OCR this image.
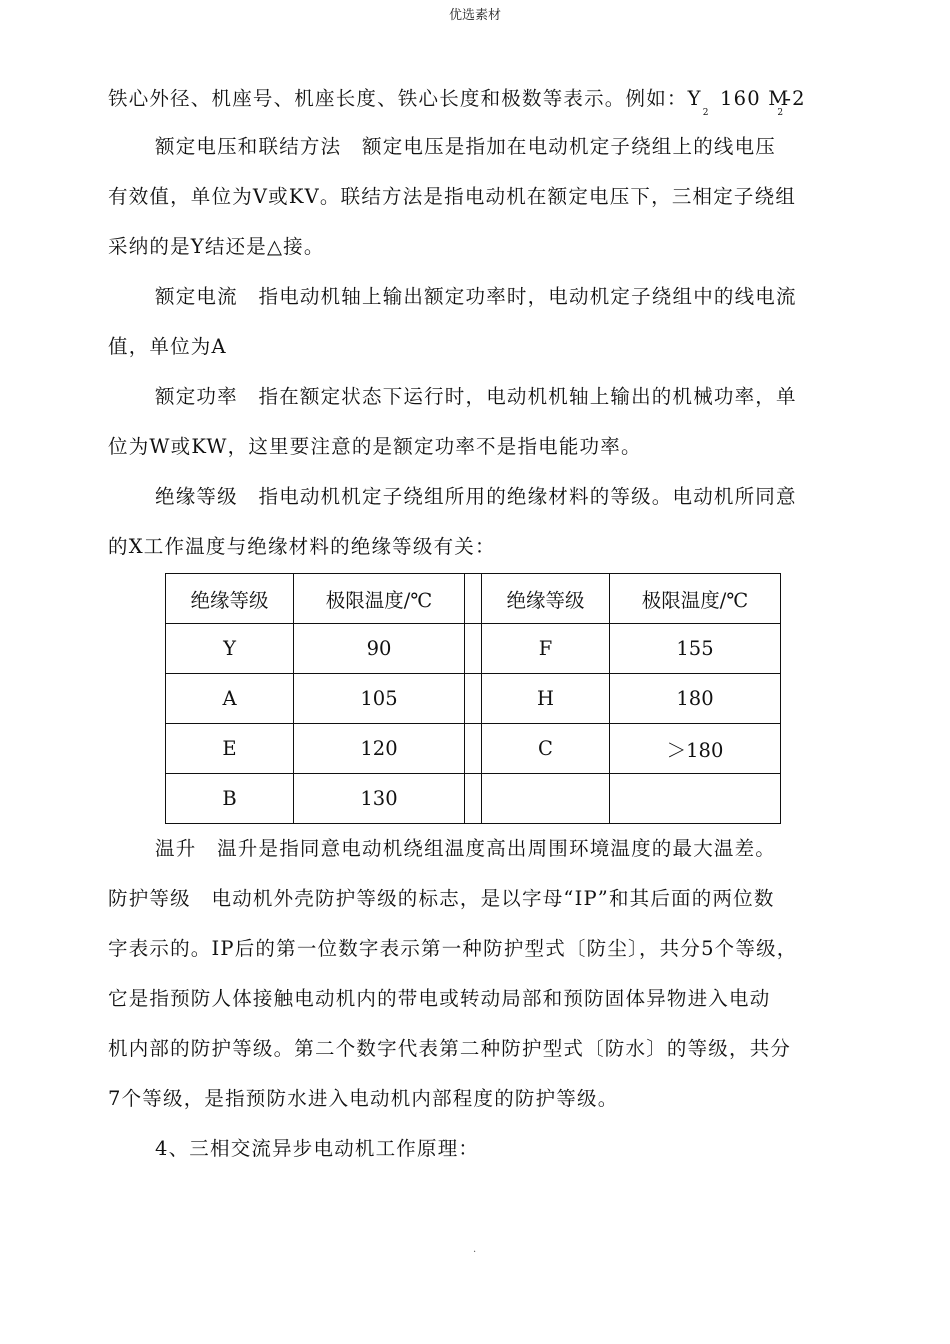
优选素材
铁心外径、机座号、机座长度、铁心长度和极数等表示。例如：$Y_2$ 160 $M_2-2$
额定电压和联结方法　额定电压是指加在电动机定子绕组上的线电压
有效值，单位为V或KV。联结方法是指电动机在额定电压下，三相定子绕组
采纳的是Y结还是△接。
额定电流　指电动机轴上输出额定功率时，电动机定子绕组中的线电流
值，单位为A
额定功率　指在额定状态下运行时，电动机机轴上输出的机械功率，单
位为W或KW，这里要注意的是额定功率不是指电能功率。
绝缘等级　指电动机机定子绕组所用的绝缘材料的等级。电动机所同意
的X工作温度与绝缘材料的绝缘等级有关：
绝缘等级	极限温度/℃		绝缘等级	极限温度/℃
Y	90		F	155
A	105		H	180
E	120		C	＞180
B	130			
温升　温升是指同意电动机绕组温度高出周围环境温度的最大温差。
防护等级　电动机外壳防护等级的标志，是以字母“IP”和其后面的两位数
字表示的。IP后的第一位数字表示第一种防护型式〔防尘〕，共分5个等级，
它是指预防人体接触电动机内的带电或转动局部和预防固体异物进入电动
机内部的防护等级。第二个数字代表第二种防护型式〔防水〕的等级，共分
7个等级，是指预防水进入电动机内部程度的防护等级。
4、三相交流异步电动机工作原理：
.
